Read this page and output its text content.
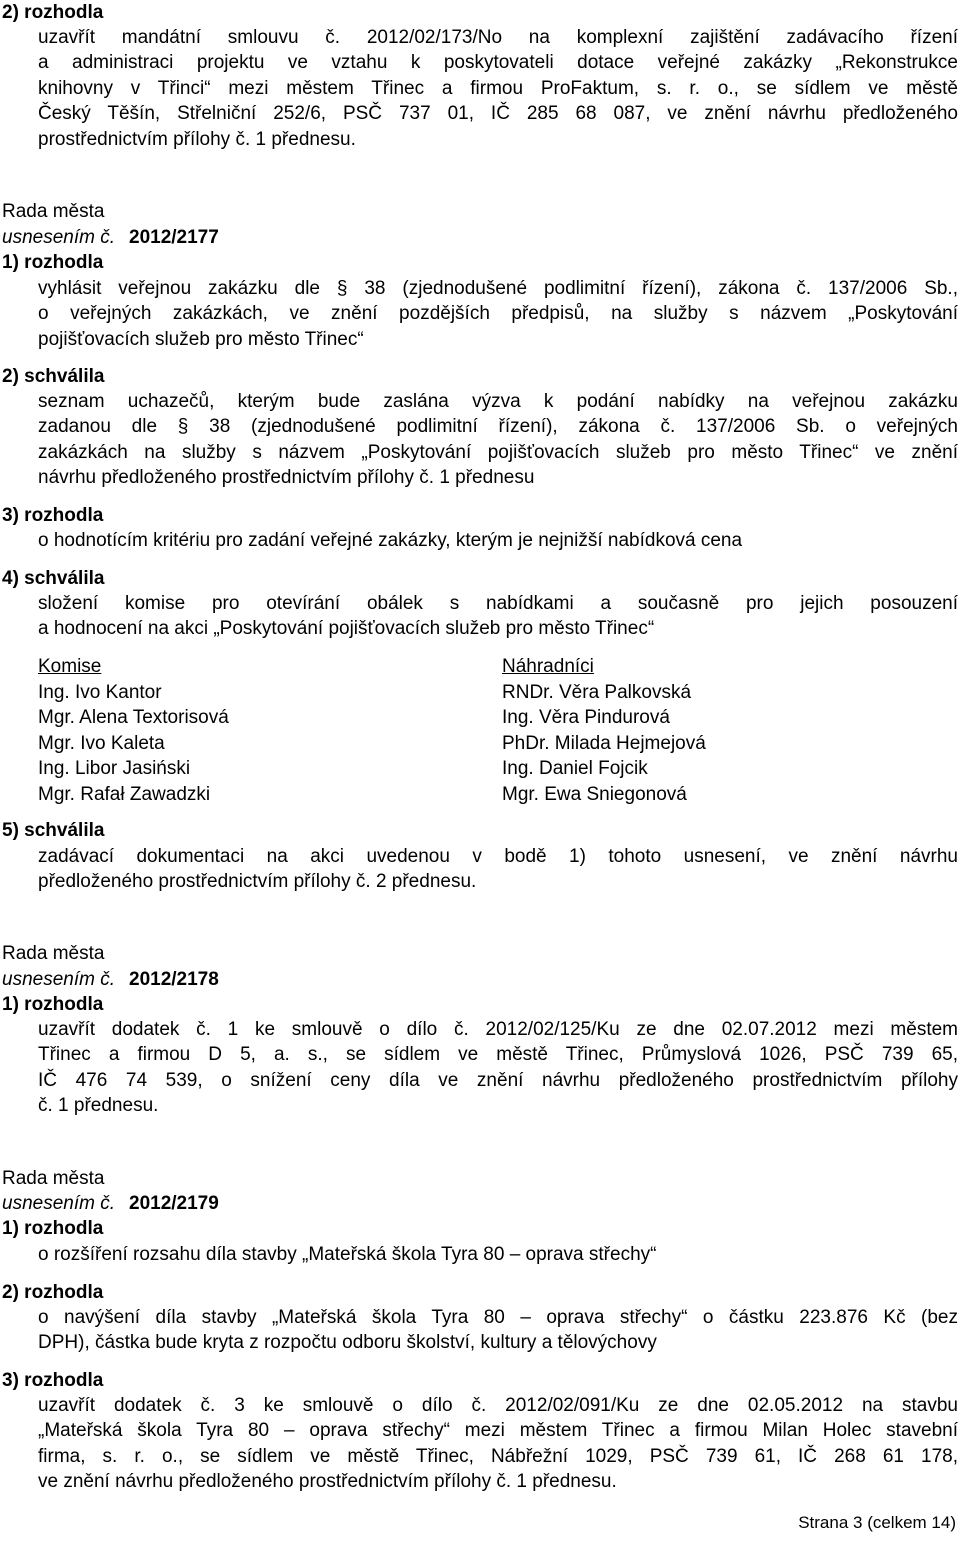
2) rozhodla
uzavřít mandátní smlouvu č. 2012/02/173/No na komplexní zajištění zadávacího řízení
a administraci projektu ve vztahu k poskytovateli dotace veřejné zakázky „Rekonstrukce
knihovny v Třinci“ mezi městem Třinec a firmou ProFaktum, s. r. o., se sídlem ve městě
Český Těšín, Střelniční 252/6, PSČ 737 01, IČ 285 68 087, ve znění návrhu předloženého
prostřednictvím přílohy č. 1 přednesu.
Rada města
usnesením č. 2012/2177
1) rozhodla
vyhlásit veřejnou zakázku dle § 38 (zjednodušené podlimitní řízení), zákona č. 137/2006 Sb.,
o veřejných zakázkách, ve znění pozdějších předpisů, na služby s názvem „Poskytování
pojišťovacích služeb pro město Třinec“
2) schválila
seznam uchazečů, kterým bude zaslána výzva k podání nabídky na veřejnou zakázku
zadanou dle § 38 (zjednodušené podlimitní řízení), zákona č. 137/2006 Sb. o veřejných
zakázkách na služby s názvem „Poskytování pojišťovacích služeb pro město Třinec“ ve znění
návrhu předloženého prostřednictvím přílohy č. 1 přednesu
3) rozhodla
o hodnotícím kritériu pro zadání veřejné zakázky, kterým je nejnižší nabídková cena
4) schválila
složení komise pro otevírání obálek s nabídkami a současně pro jejich posouzení
a hodnocení na akci „Poskytování pojišťovacích služeb pro město Třinec“
Komise
Ing. Ivo Kantor
Mgr. Alena Textorisová
Mgr. Ivo Kaleta
Ing. Libor Jasiński
Mgr. Rafał Zawadzki
Náhradníci
RNDr. Věra Palkovská
Ing. Věra Pindurová
PhDr. Milada Hejmejová
Ing. Daniel Fojcik
Mgr. Ewa Sniegonová
5) schválila
zadávací dokumentaci na akci uvedenou v bodě 1) tohoto usnesení, ve znění návrhu
předloženého prostřednictvím přílohy č. 2 přednesu.
Rada města
usnesením č. 2012/2178
1) rozhodla
uzavřít dodatek č. 1 ke smlouvě o dílo č. 2012/02/125/Ku ze dne 02.07.2012 mezi městem
Třinec a firmou D 5, a. s., se sídlem ve městě Třinec, Průmyslová 1026, PSČ 739 65,
IČ 476 74 539, o snížení ceny díla ve znění návrhu předloženého prostřednictvím přílohy
č. 1 přednesu.
Rada města
usnesením č. 2012/2179
1) rozhodla
o rozšíření rozsahu díla stavby „Mateřská škola Tyra 80 – oprava střechy“
2) rozhodla
o navýšení díla stavby „Mateřská škola Tyra 80 – oprava střechy“ o částku 223.876 Kč (bez
DPH), částka bude kryta z rozpočtu odboru školství, kultury a tělovýchovy
3) rozhodla
uzavřít dodatek č. 3 ke smlouvě o dílo č. 2012/02/091/Ku ze dne 02.05.2012 na stavbu
„Mateřská škola Tyra 80 – oprava střechy“ mezi městem Třinec a firmou Milan Holec stavební
firma, s. r. o., se sídlem ve městě Třinec, Nábřežní 1029, PSČ 739 61, IČ 268 61 178,
ve znění návrhu předloženého prostřednictvím přílohy č. 1 přednesu.
Strana 3 (celkem 14)
